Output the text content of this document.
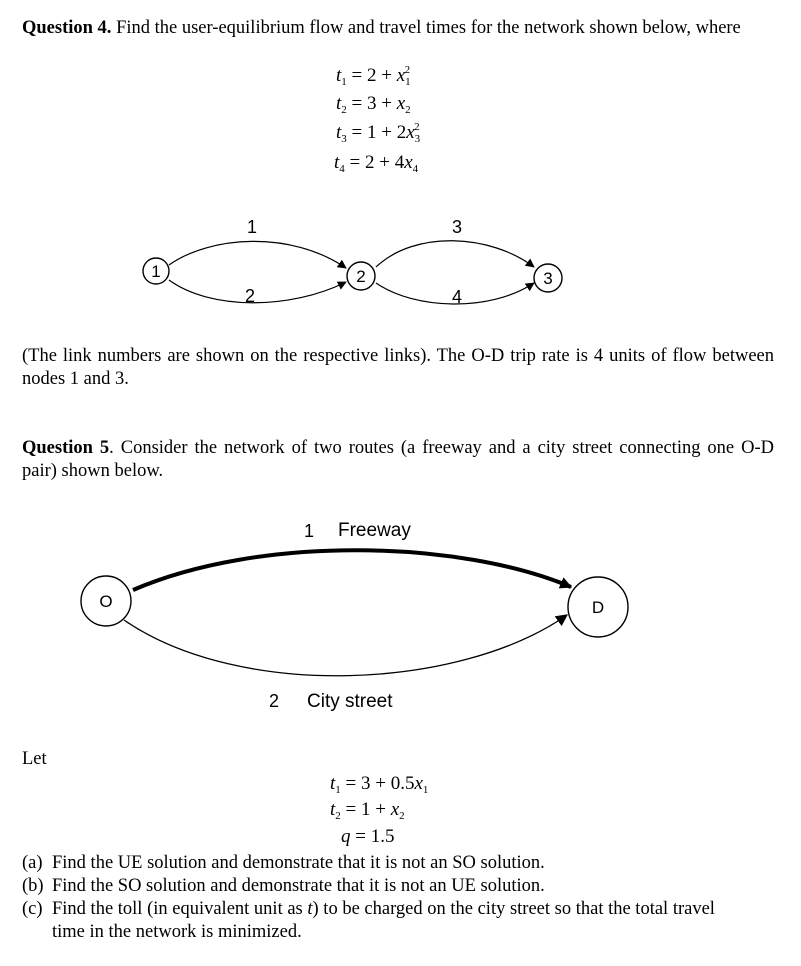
Question 4. Find the user-equilibrium flow and travel times for the network shown below, where
$t_1 = 2 + x_1^2$
$t_2 = 3 + x_2$
$t_3 = 1 + 2x_3^2$
$t_4 = 2 + 4x_4$
1	2	3
1
2
3
4
(The link numbers are shown on the respective links). The O-D trip rate is 4 units of flow between nodes 1 and 3.
Question 5. Consider the network of two routes (a freeway and a city street connecting one O-D pair) shown below.
O	D
1 Freeway
2 City street
Let
$t_1 = 3 + 0.5x_1$
$t_2 = 1 + x_2$
q = 1.5
(a) Find the UE solution and demonstrate that it is not an SO solution.
(b) Find the SO solution and demonstrate that it is not an UE solution.
(c) Find the toll (in equivalent unit as t) to be charged on the city street so that the total travel
time in the network is minimized.
